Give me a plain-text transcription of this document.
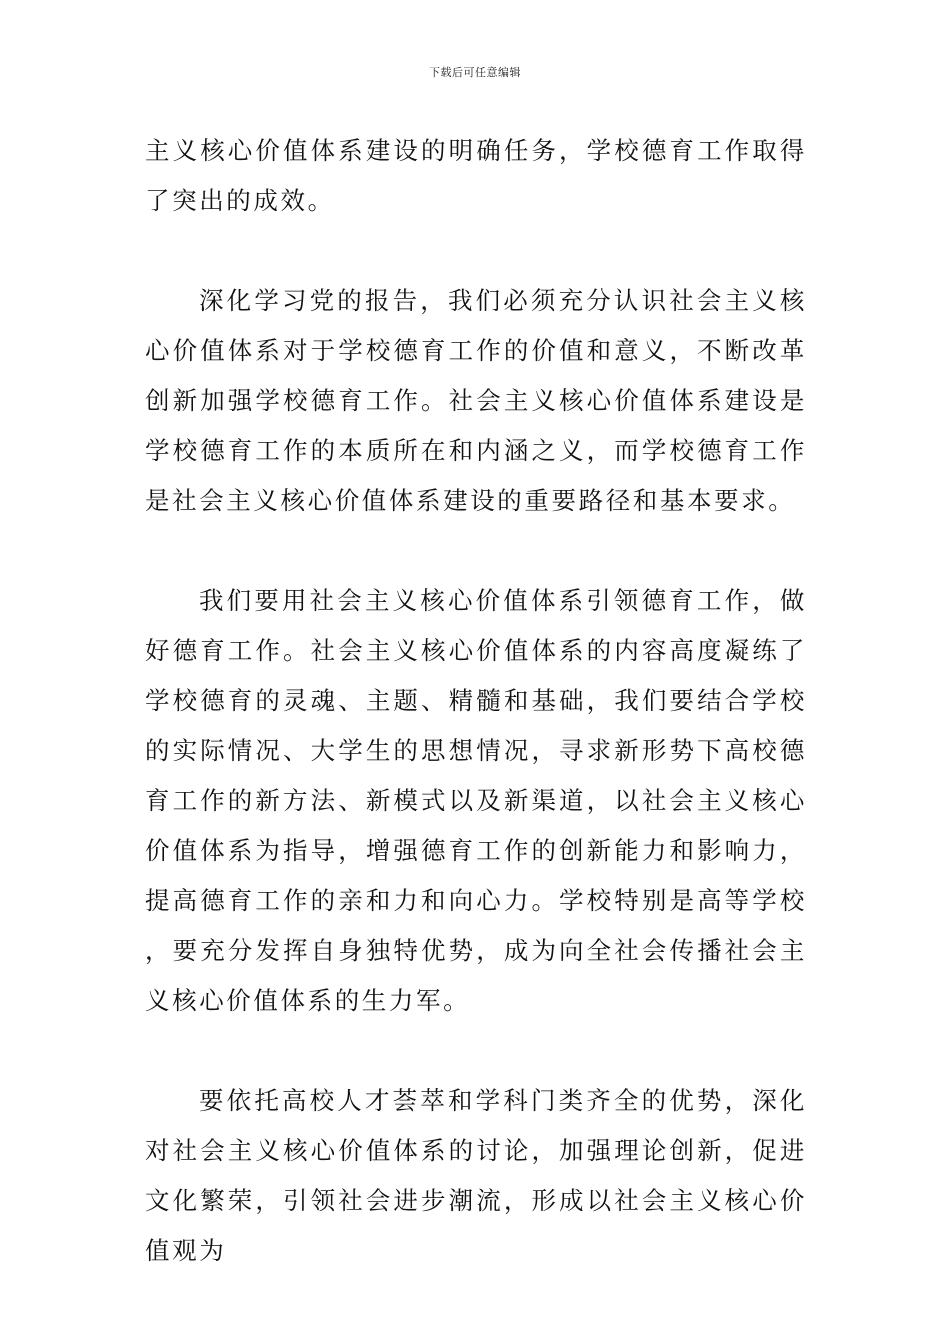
下载后可任意编辑

主义核心价值体系建设的明确任务，学校德育工作取得了突出的成效。

深化学习党的报告，我们必须充分认识社会主义核心价值体系对于学校德育工作的价值和意义，不断改革创新加强学校德育工作。社会主义核心价值体系建设是学校德育工作的本质所在和内涵之义，而学校德育工作是社会主义核心价值体系建设的重要路径和基本要求。

我们要用社会主义核心价值体系引领德育工作，做好德育工作。社会主义核心价值体系的内容高度凝练了学校德育的灵魂、主题、精髓和基础，我们要结合学校的实际情况、大学生的思想情况，寻求新形势下高校德育工作的新方法、新模式以及新渠道，以社会主义核心价值体系为指导，增强德育工作的创新能力和影响力，提高德育工作的亲和力和向心力。学校特别是高等学校，要充分发挥自身独特优势，成为向全社会传播社会主义核心价值体系的生力军。

要依托高校人才荟萃和学科门类齐全的优势，深化对社会主义核心价值体系的讨论，加强理论创新，促进文化繁荣，引领社会进步潮流，形成以社会主义核心价值观为
